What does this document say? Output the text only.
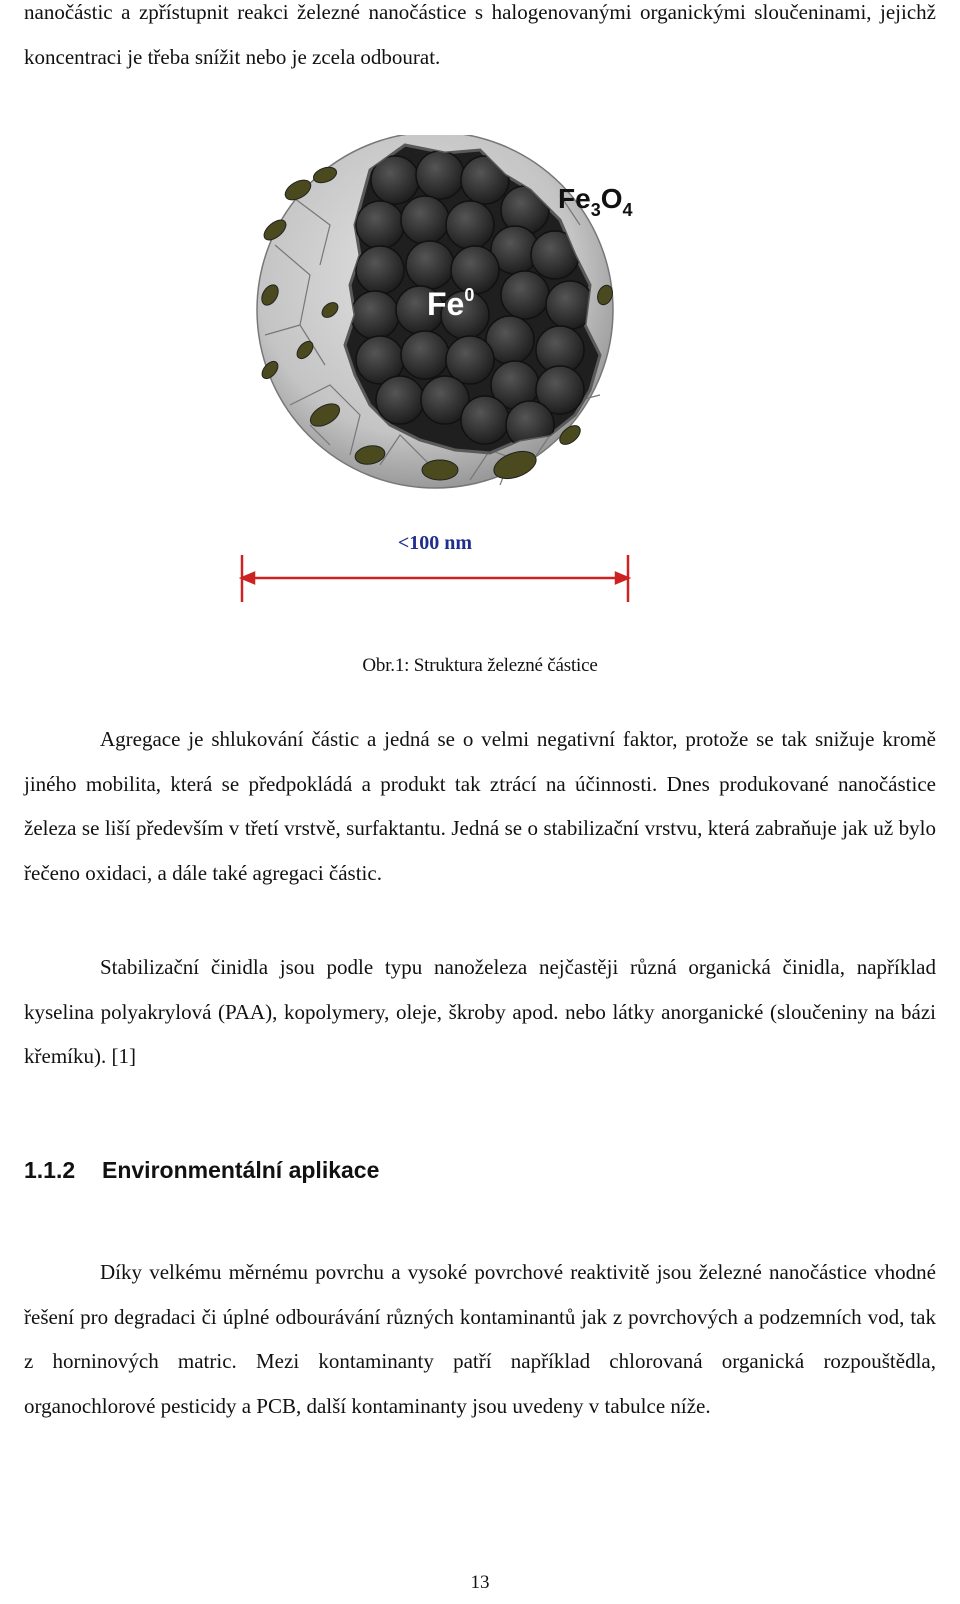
nanočástic a zpřístupnit reakci železné nanočástice s halogenovanými organickými sloučeninami, jejichž koncentraci je třeba snížit nebo je zcela odbourat.

$Fe_3O_4$
$Fe^0$
<100 nm
Obr.1: Struktura železné částice

Agregace je shlukování částic a jedná se o velmi negativní faktor, protože se tak snižuje kromě jiného mobilita, která se předpokládá a produkt tak ztrácí na účinnosti. Dnes produkované nanočástice železa se liší především v třetí vrstvě, surfaktantu. Jedná se o stabilizační vrstvu, která zabraňuje jak už bylo řečeno oxidaci, a dále také agregaci částic.

Stabilizační činidla jsou podle typu nanoželeza nejčastěji různá organická činidla, například kyselina polyakrylová (PAA), kopolymery, oleje, škroby apod. nebo látky anorganické (sloučeniny na bázi křemíku). [1]

1.1.2 Environmentální aplikace

Díky velkému měrnému povrchu a vysoké povrchové reaktivitě jsou železné nanočástice vhodné řešení pro degradaci či úplné odbourávání různých kontaminantů jak z povrchových a podzemních vod, tak z horninových matric. Mezi kontaminanty patří například chlorovaná organická rozpouštědla, organochlorové pesticidy a PCB, další kontaminanty jsou uvedeny v tabulce níže.

13
